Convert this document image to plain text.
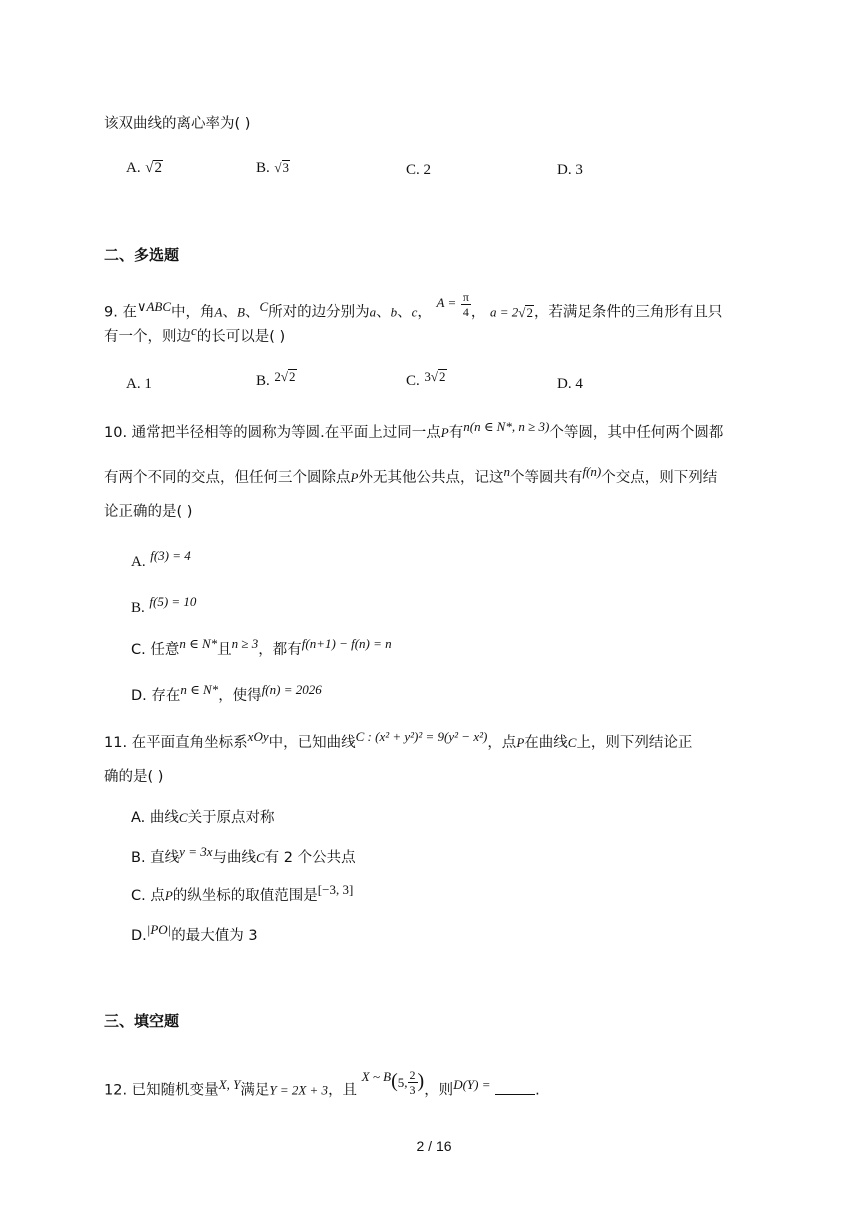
该双曲线的离心率为( )
A. √2	B. √3	C. 2	D. 3
二、多选题
9. 在∨ABC中，角A、B、C所对的边分别为a、b、c， $A = \frac{\pi}{4}$ ， a = 2√2，若满足条件的三角形有且只
有一个，则边c的长可以是( )
A. 1	B. 2√2	C. 3√2	D. 4
10. 通常把半径相等的圆称为等圆.在平面上过同一点P有n(n ∈ N*, n ≥ 3)个等圆，其中任何两个圆都
有两个不同的交点，但任何三个圆除点P外无其他公共点，记这n个等圆共有f(n)个交点，则下列结
论正确的是( )
A. f(3) = 4
B. f(5) = 10
C. 任意n ∈ N*且n ≥ 3，都有f(n+1) − f(n) = n
D. 存在n ∈ N*，使得f(n) = 2026
11. 在平面直角坐标系xOy中，已知曲线C : (x² + y²)² = 9(y² − x²)，点P在曲线C上，则下列结论正
确的是( )
A. 曲线C关于原点对称
B. 直线y = 3x与曲线C有 2 个公共点
C. 点P的纵坐标的取值范围是[−3, 3]
D.|PO|的最大值为 3
三、填空题
12. 已知随机变量X, Y满足Y = 2X + 3，且 X ~ B(5, $\frac{2}{3}$ )，则D(Y) =	.
2 / 16
